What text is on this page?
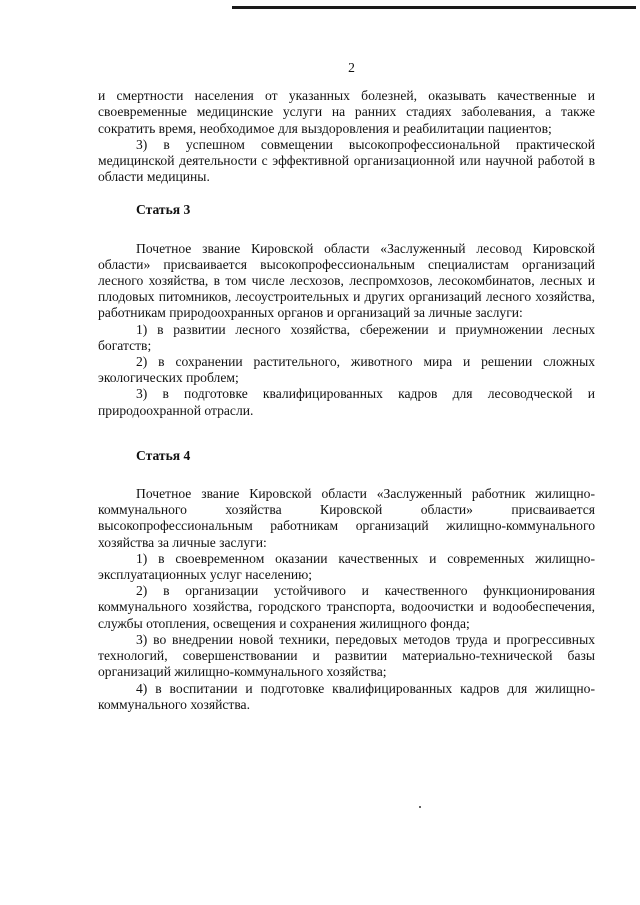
2

и смертности населения от указанных болезней, оказывать качественные и своевременные медицинские услуги на ранних стадиях заболевания, а также сократить время, необходимое для выздоровления и реабилитации пациентов;

3) в успешном совмещении высокопрофессиональной практической медицинской деятельности с эффективной организационной или научной работой в области медицины.

Статья 3

Почетное звание Кировской области «Заслуженный лесовод Кировской области» присваивается высокопрофессиональным специалистам организаций лесного хозяйства, в том числе лесхозов, леспромхозов, лесокомбинатов, лесных и плодовых питомников, лесоустроительных и других организаций лесного хозяйства, работникам природоохранных органов и организаций за личные заслуги:

1) в развитии лесного хозяйства, сбережении и приумножении лесных богатств;

2) в сохранении растительного, животного мира и решении сложных экологических проблем;

3) в подготовке квалифицированных кадров для лесоводческой и природоохранной отрасли.

Статья 4

Почетное звание Кировской области «Заслуженный работник жилищно-коммунального хозяйства Кировской области» присваивается высокопрофессиональным работникам организаций жилищно-коммунального хозяйства за личные заслуги:

1) в своевременном оказании качественных и современных жилищно-эксплуатационных услуг населению;

2) в организации устойчивого и качественного функционирования коммунального хозяйства, городского транспорта, водоочистки и водообеспечения, службы отопления, освещения и сохранения жилищного фонда;

3) во внедрении новой техники, передовых методов труда и прогрессивных технологий, совершенствовании и развитии материально-технической базы организаций жилищно-коммунального хозяйства;

4) в воспитании и подготовке квалифицированных кадров для жилищно-коммунального хозяйства.
